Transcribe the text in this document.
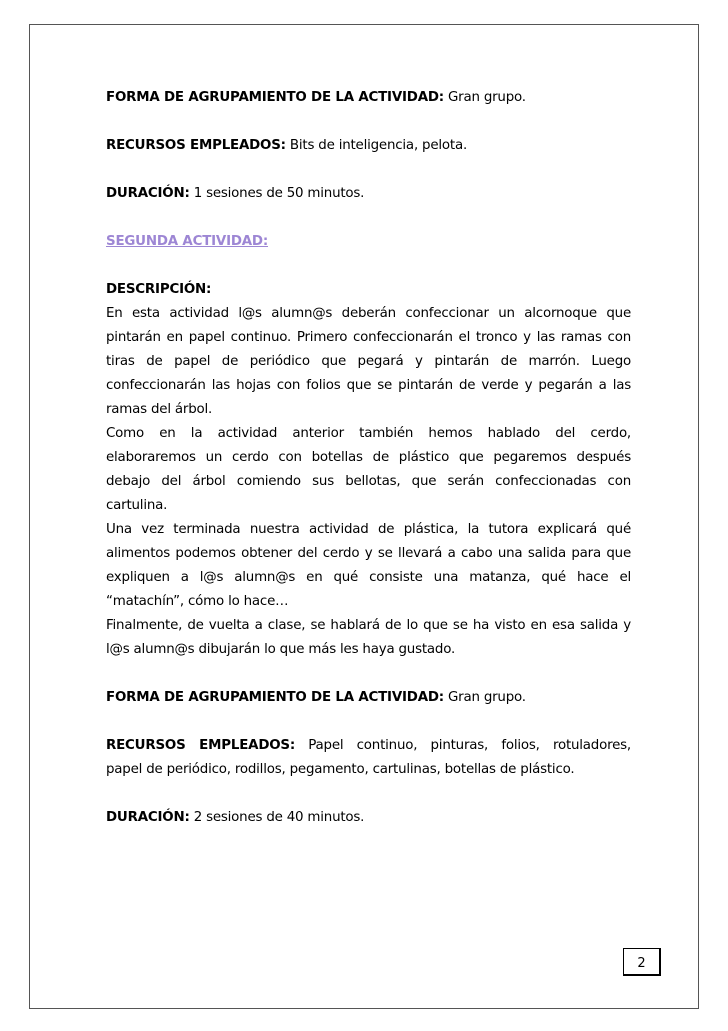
FORMA DE AGRUPAMIENTO DE LA ACTIVIDAD: Gran grupo.
RECURSOS EMPLEADOS: Bits de inteligencia, pelota.
DURACIÓN: 1 sesiones de 50 minutos.
SEGUNDA ACTIVIDAD:
DESCRIPCIÓN:
En esta actividad l@s alumn@s deberán confeccionar un alcornoque que
pintarán en papel continuo. Primero confeccionarán el tronco y las ramas con
tiras de papel de periódico que pegará y pintarán de marrón. Luego
confeccionarán las hojas con folios que se pintarán de verde y pegarán a las
ramas del árbol.
Como en la actividad anterior también hemos hablado del cerdo,
elaboraremos un cerdo con botellas de plástico que pegaremos después
debajo del árbol comiendo sus bellotas, que serán confeccionadas con
cartulina.
Una vez terminada nuestra actividad de plástica, la tutora explicará qué
alimentos podemos obtener del cerdo y se llevará a cabo una salida para que
expliquen a l@s alumn@s en qué consiste una matanza, qué hace el
“matachín”, cómo lo hace…
Finalmente, de vuelta a clase, se hablará de lo que se ha visto en esa salida y
l@s alumn@s dibujarán lo que más les haya gustado.
FORMA DE AGRUPAMIENTO DE LA ACTIVIDAD: Gran grupo.
RECURSOS EMPLEADOS: Papel continuo, pinturas, folios, rotuladores,
papel de periódico, rodillos, pegamento, cartulinas, botellas de plástico.
DURACIÓN: 2 sesiones de 40 minutos.
2
